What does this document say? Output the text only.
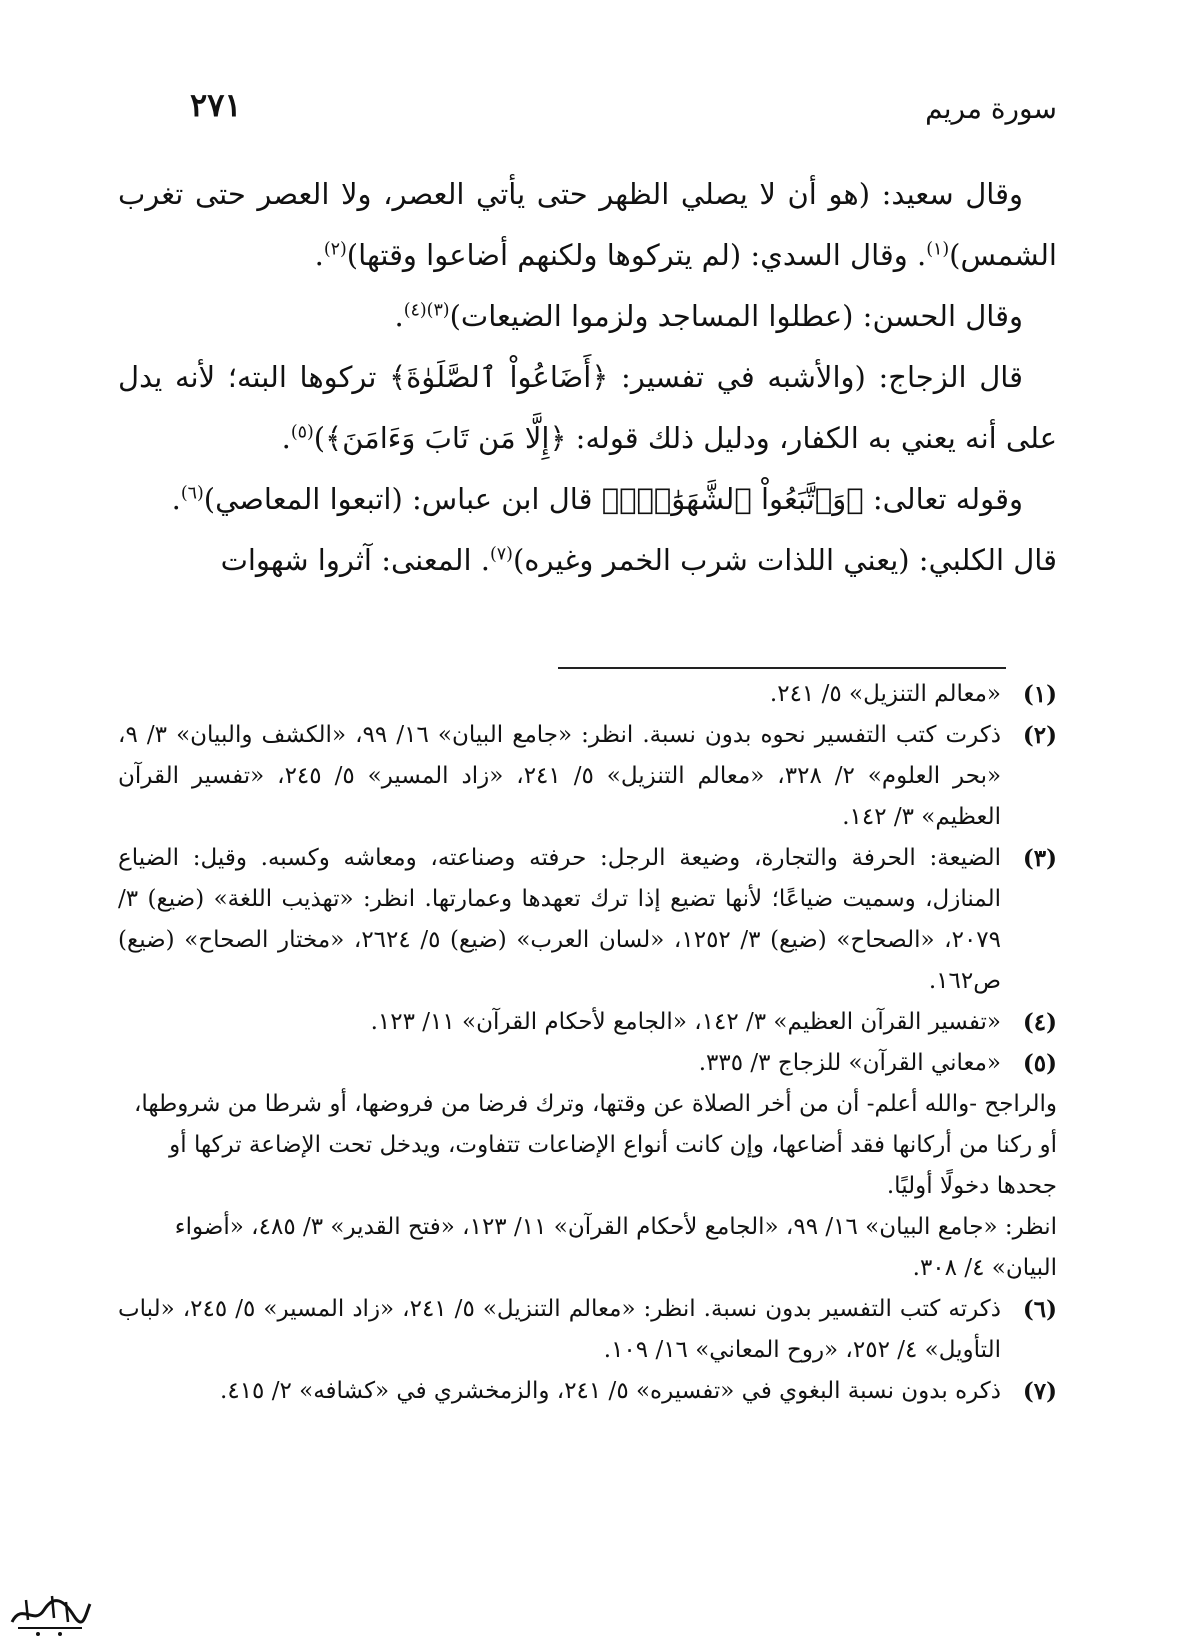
سورة مريم
٢٧١

وقال سعيد: (هو أن لا يصلي الظهر حتى يأتي العصر، ولا العصر حتى تغرب الشمس)$^{(١)}$. وقال السدي: (لم يتركوها ولكنهم أضاعوا وقتها)$^{(٢)}$.

وقال الحسن: (عطلوا المساجد ولزموا الضيعات)$^{(٣)(٤)}$.

قال الزجاج: (والأشبه في تفسير: ﴿أَضَاعُواْ ٱلصَّلَوٰةَ﴾ تركوها البته؛ لأنه يدل على أنه يعني به الكفار، ودليل ذلك قوله: ﴿إِلَّا مَن تَابَ وَءَامَنَ﴾)$^{(٥)}$.

وقوله تعالى: ﴿وَٱتَّبَعُواْ ٱلشَّهَوَٰتِۖ﴾ قال ابن عباس: (اتبعوا المعاصي)$^{(٦)}$.

قال الكلبي: (يعني اللذات شرب الخمر وغيره)$^{(٧)}$. المعنى: آثروا شهوات

(١)
«معالم التنزيل» ٥/ ٢٤١.
(٢)
ذكرت كتب التفسير نحوه بدون نسبة. انظر: «جامع البيان» ١٦/ ٩٩، «الكشف والبيان» ٣/ ٩، «بحر العلوم» ٢/ ٣٢٨، «معالم التنزيل» ٥/ ٢٤١، «زاد المسير» ٥/ ٢٤٥، «تفسير القرآن العظيم» ٣/ ١٤٢.
(٣)
الضيعة: الحرفة والتجارة، وضيعة الرجل: حرفته وصناعته، ومعاشه وكسبه. وقيل: الضياع المنازل، وسميت ضياعًا؛ لأنها تضيع إذا ترك تعهدها وعمارتها. انظر: «تهذيب اللغة» (ضيع) ٣/ ٢٠٧٩، «الصحاح» (ضيع) ٣/ ١٢٥٢، «لسان العرب» (ضيع) ٥/ ٢٦٢٤، «مختار الصحاح» (ضيع) ص١٦٢.
(٤)
«تفسير القرآن العظيم» ٣/ ١٤٢، «الجامع لأحكام القرآن» ١١/ ١٢٣.
(٥)
«معاني القرآن» للزجاج ٣/ ٣٣٥.
والراجح -والله أعلم- أن من أخر الصلاة عن وقتها، وترك فرضا من فروضها، أو شرطا من شروطها، أو ركنا من أركانها فقد أضاعها، وإن كانت أنواع الإضاعات تتفاوت، ويدخل تحت الإضاعة تركها أو جحدها دخولًا أوليًا.
انظر: «جامع البيان» ١٦/ ٩٩، «الجامع لأحكام القرآن» ١١/ ١٢٣، «فتح القدير» ٣/ ٤٨٥، «أضواء البيان» ٤/ ٣٠٨.
(٦)
ذكرته كتب التفسير بدون نسبة. انظر: «معالم التنزيل» ٥/ ٢٤١، «زاد المسير» ٥/ ٢٤٥، «لباب التأويل» ٤/ ٢٥٢، «روح المعاني» ١٦/ ١٠٩.
(٧)
ذكره بدون نسبة البغوي في «تفسيره» ٥/ ٢٤١، والزمخشري في «كشافه» ٢/ ٤١٥.
